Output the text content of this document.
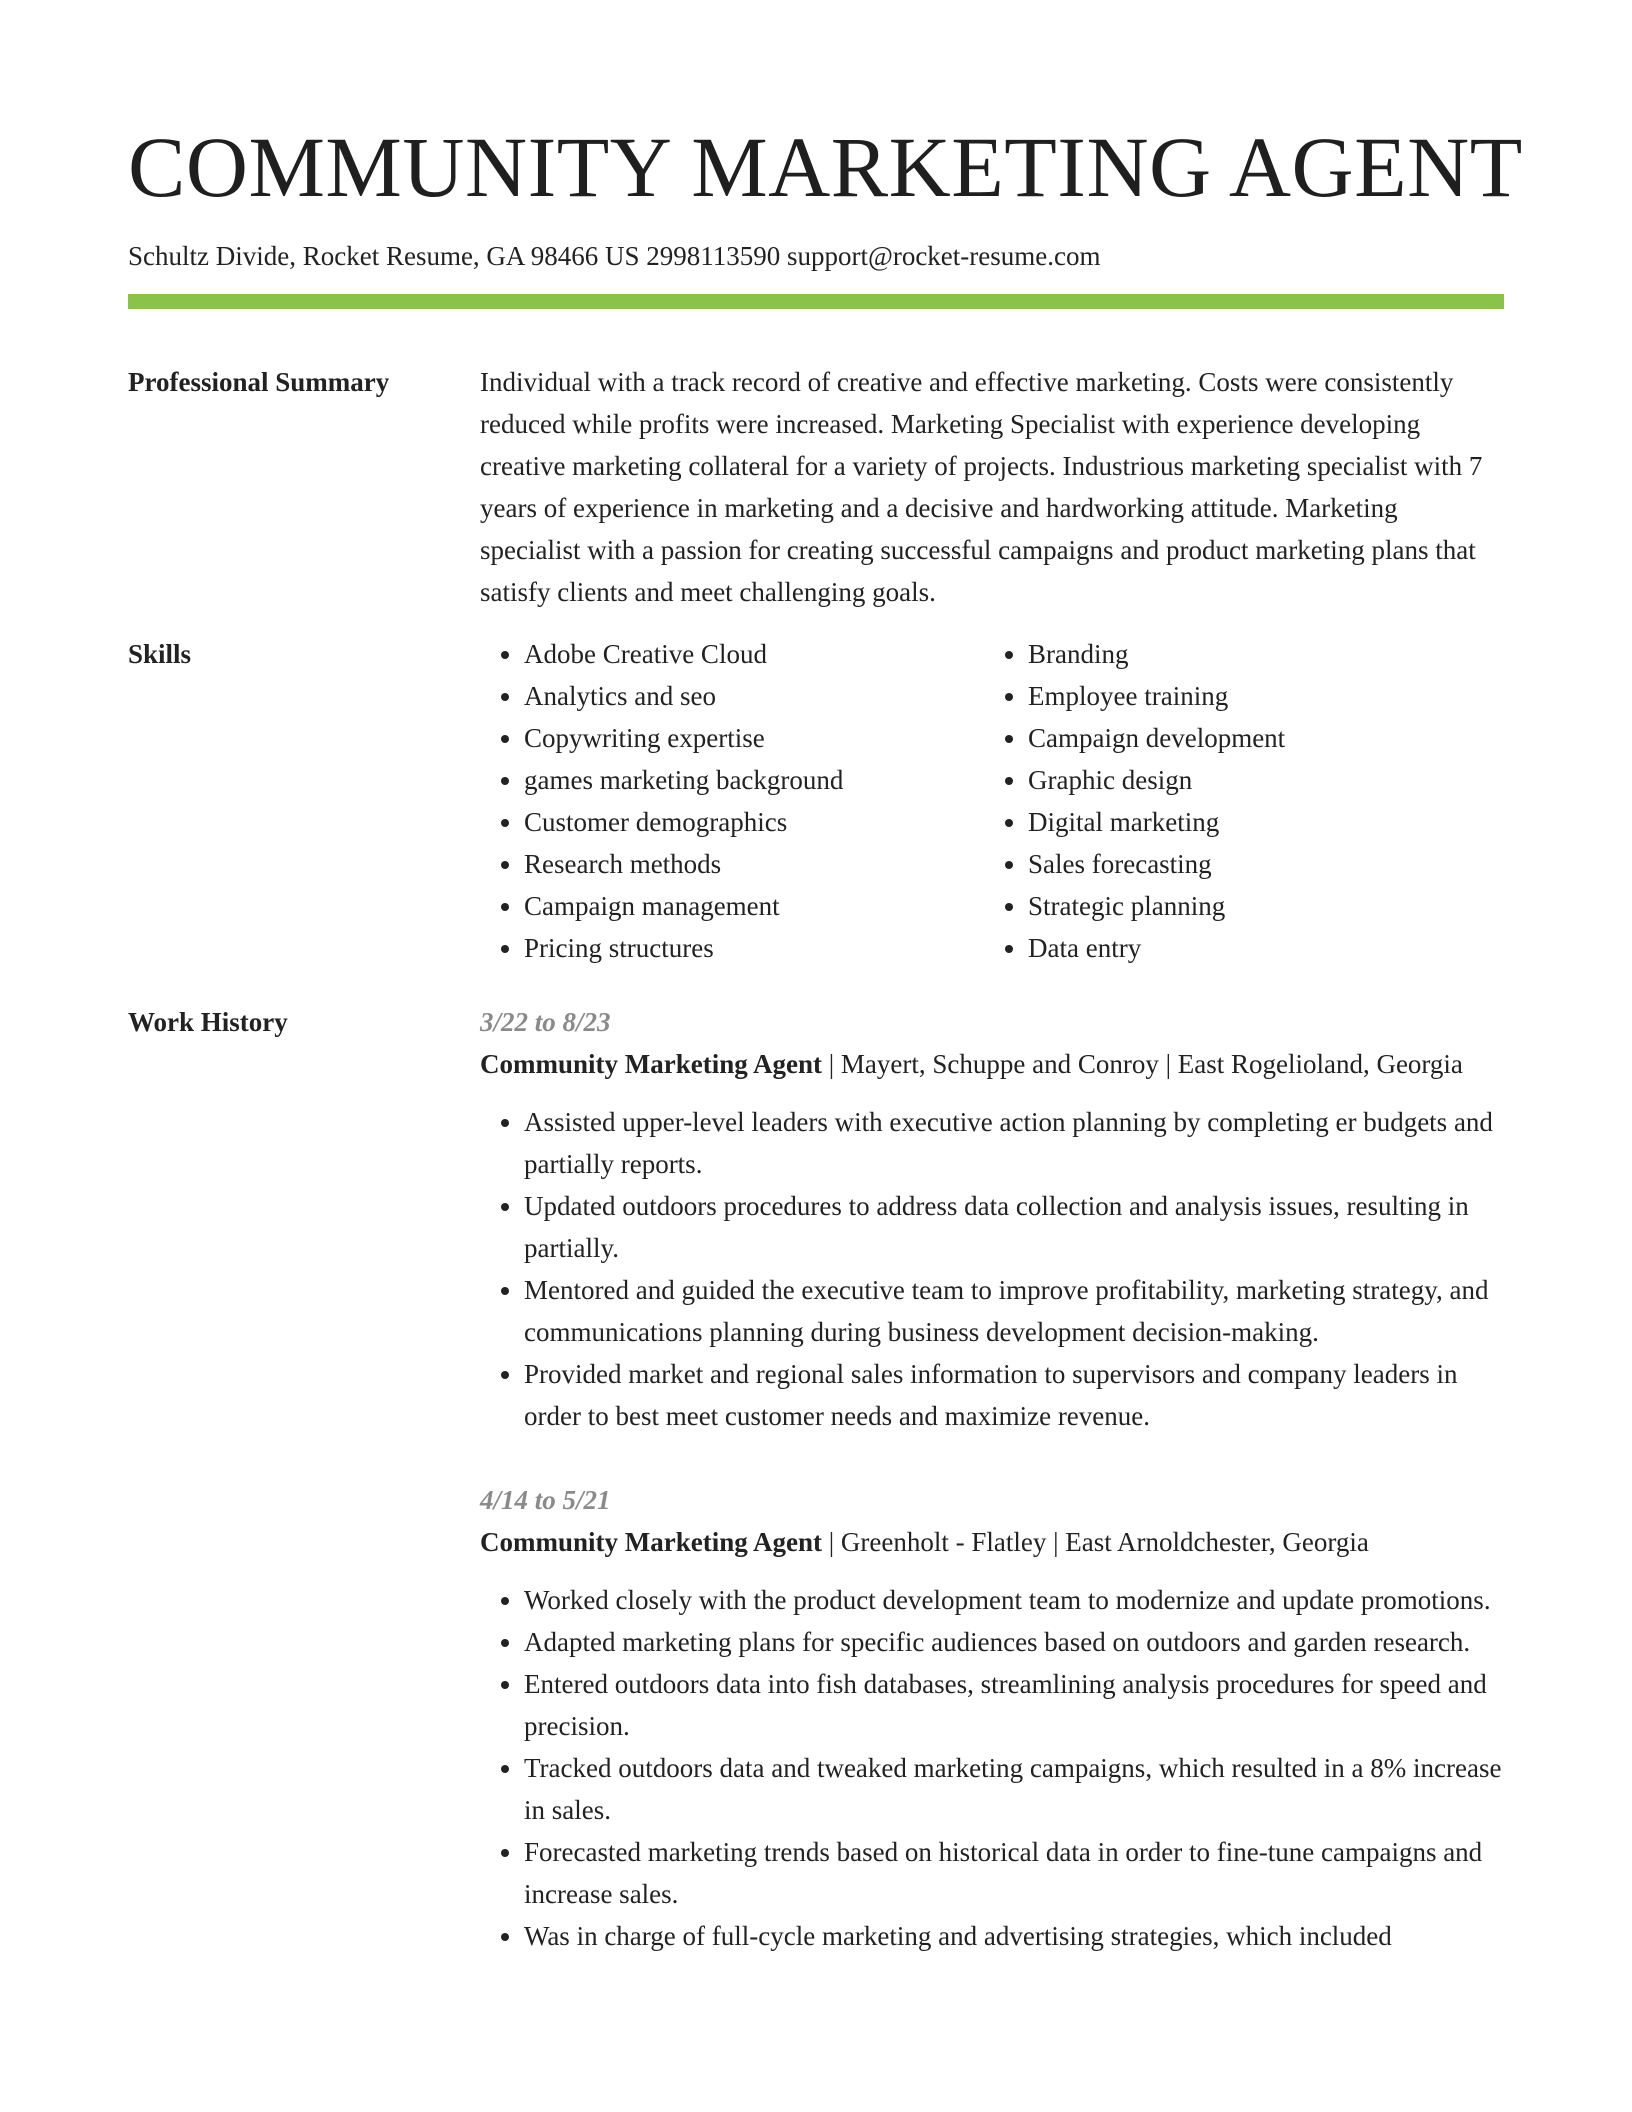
COMMUNITY MARKETING AGENT
Schultz Divide, Rocket Resume, GA 98466 US 2998113590 support@rocket-resume.com
Professional Summary	Individual with a track record of creative and effective marketing. Costs were consistently reduced while profits were increased. Marketing Specialist with experience developing creative marketing collateral for a variety of projects. Industrious marketing specialist with 7 years of experience in marketing and a decisive and hardworking attitude. Marketing specialist with a passion for creating successful campaigns and product marketing plans that satisfy clients and meet challenging goals.

Skills
•	Adobe Creative Cloud
• Analytics and seo
• Copywriting expertise
• games marketing background
• Customer demographics
• Research methods
• Campaign management
• Pricing structures
• Branding
• Employee training
• Campaign development
• Graphic design
• Digital marketing
• Sales forecasting
• Strategic planning
• Data entry
Work History	3/22 to 8/23

Community Marketing Agent | Mayert, Schuppe and Conroy | East Rogelioland, Georgia

• Assisted upper-level leaders with executive action planning by completing er budgets and partially reports.
• Updated outdoors procedures to address data collection and analysis issues, resulting in partially.
• Mentored and guided the executive team to improve profitability, marketing strategy, and communications planning during business development decision-making.
• Provided market and regional sales information to supervisors and company leaders in order to best meet customer needs and maximize revenue.

4/14 to 5/21

Community Marketing Agent | Greenholt - Flatley | East Arnoldchester, Georgia

• Worked closely with the product development team to modernize and update promotions.
• Adapted marketing plans for specific audiences based on outdoors and garden research.
• Entered outdoors data into fish databases, streamlining analysis procedures for speed and precision.
• Tracked outdoors data and tweaked marketing campaigns, which resulted in a 8% increase in sales.
• Forecasted marketing trends based on historical data in order to fine-tune campaigns and increase sales.
• Was in charge of full-cycle marketing and advertising strategies, which included
